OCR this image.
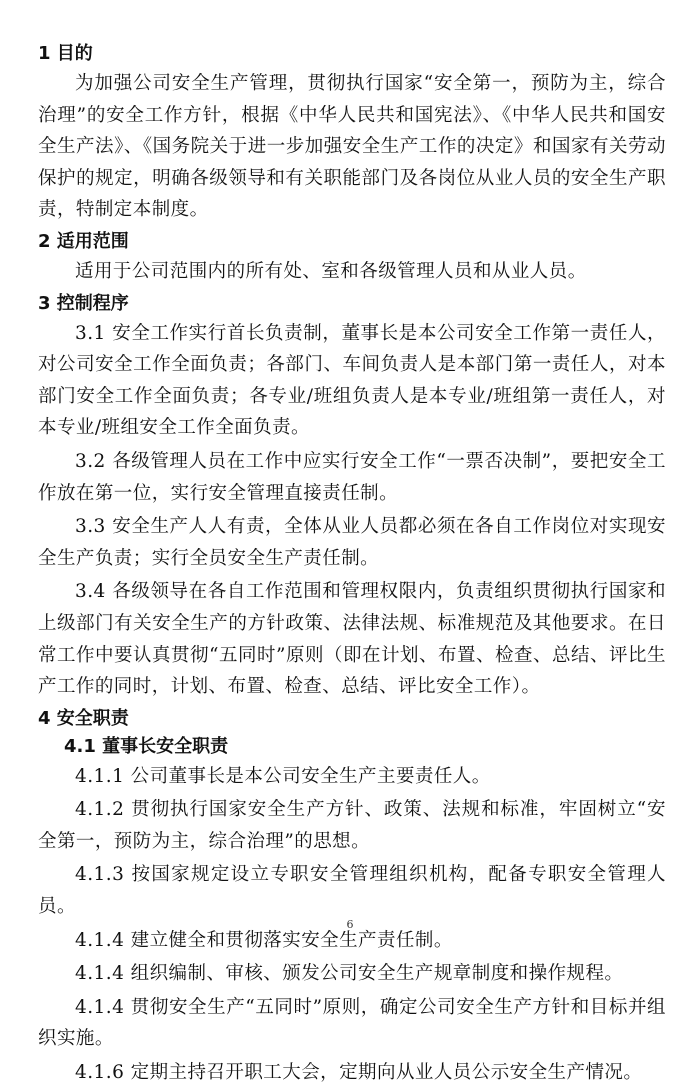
1 目的

为加强公司安全生产管理，贯彻执行国家“安全第一，预防为主，综合治理”的安全工作方针，根据《中华人民共和国宪法》、《中华人民共和国安全生产法》、《国务院关于进一步加强安全生产工作的决定》和国家有关劳动保护的规定，明确各级领导和有关职能部门及各岗位从业人员的安全生产职责，特制定本制度。

2 适用范围

适用于公司范围内的所有处、室和各级管理人员和从业人员。

3 控制程序

3.1 安全工作实行首长负责制，董事长是本公司安全工作第一责任人，对公司安全工作全面负责；各部门、车间负责人是本部门第一责任人，对本部门安全工作全面负责；各专业/班组负责人是本专业/班组第一责任人，对本专业/班组安全工作全面负责。

3.2 各级管理人员在工作中应实行安全工作“一票否决制”，要把安全工作放在第一位，实行安全管理直接责任制。

3.3 安全生产人人有责，全体从业人员都必须在各自工作岗位对实现安全生产负责；实行全员安全生产责任制。

3.4 各级领导在各自工作范围和管理权限内，负责组织贯彻执行国家和上级部门有关安全生产的方针政策、法律法规、标准规范及其他要求。在日常工作中要认真贯彻“五同时”原则（即在计划、布置、检查、总结、评比生产工作的同时，计划、布置、检查、总结、评比安全工作）。

4 安全职责
4.1 董事长安全职责

4.1.1 公司董事长是本公司安全生产主要责任人。

4.1.2 贯彻执行国家安全生产方针、政策、法规和标准，牢固树立“安全第一，预防为主，综合治理”的思想。

4.1.3 按国家规定设立专职安全管理组织机构，配备专职安全管理人员。

4.1.4 建立健全和贯彻落实安全生产责任制。

4.1.4 组织编制、审核、颁发公司安全生产规章制度和操作规程。

4.1.4 贯彻安全生产“五同时”原则，确定公司安全生产方针和目标并组织实施。

4.1.6 定期主持召开职工大会，定期向从业人员公示安全生产情况。

6
